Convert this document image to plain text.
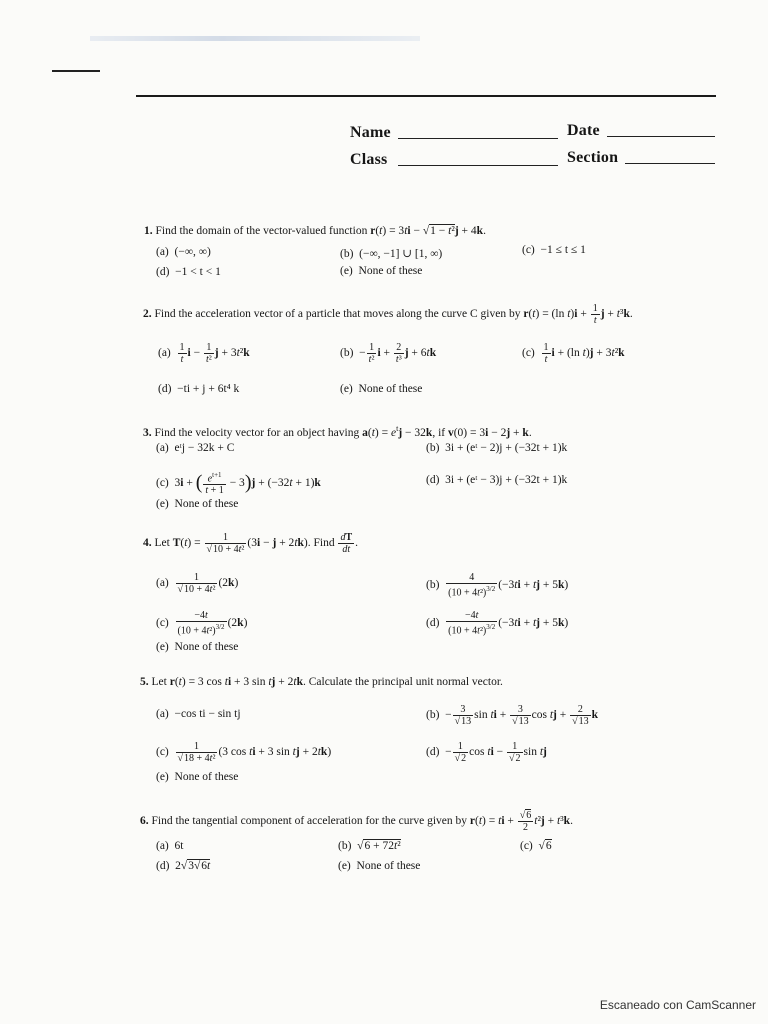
Name	Date
Class	Section
1. Find the domain of the vector-valued function r(t) = 3ti − √1 − t²j + 4k.
(a) (−∞, ∞)	(b) (−∞, −1] ∪ [1, ∞)	(c) −1 ≤ t ≤ 1
(d) −1 < t < 1	(e) None of these
2. Find the acceleration vector of a particle that moves along the curve C given by r(t) = (ln $t)i + \frac{1}{t}$ j + t³k.
$(a) \frac{1}{t}$ $i - \frac{1}{\text{t²}}$ j + 3t²k	$(b) - \frac{1}{\text{t²}}$ $i + \frac{2}{\text{t³}}$ j + 6tk	$(c) \frac{1}{t}$ i + (ln t)j + 3t²k
(d) −ti + j + 6t⁴ k	(e) None of these
3. Find the velocity vector for an object having $a(t) = e^tj - 32k$, if v(0) = 3i − 2j + k.
(a) eᵗj − 32k + C	(b) 3i + (eᵗ − 2)j + (−32t + 1)k
(c)  3i + ( $\frac{e^{t+1}}{t + 1} - 3)j + (-32t + 1)k$	(d) 3i + (eᵗ − 3)j + (−32t + 1)k
(e) None of these
4. Let $T(t) = \frac{1}{\text{√10 + 4t²}} (3i - j + 2tk)$. Find $\frac{dT}{dt}$ .
$(a) \frac{1}{\text{√10 + 4t²}} (2k)$	$(b) \frac{4}{(10 + 4t^2)^{3/2}} (-3ti$ + tj + 5k)
$(c) \frac{-4t}{(10 + 4t^2)^{3/2}} (2k)$	$(d) \frac{-4t}{(10 + 4t^2)^{3/2}} (-3ti$ + tj + 5k)
(e) None of these
5. Let r(t) = 3 cos ti + 3 sin tj + 2tk. Calculate the principal unit normal vector.
(a) −cos ti − sin tj	$(b) - \frac{3}{√13}$ sin ti + $\frac{3}{√13}$ cos tj + $\frac{2}{√13}$ k
$(c) \frac{1}{\text{√18 + 4t²}} (3$ cos ti + 3 sin tj + 2tk)	$(d) - \frac{1}{√2}$ cos ti − $\frac{1}{√2}$ sin tj
(e) None of these
6. Find the tangential component of acceleration for the curve given by r(t) = ti + $\frac{√6}{2} t^2j + t^3k$.
(a) 6t	(b)  √6 + 72t²	(c)  √6
(d)  2√3√6t	(e) None of these
Escaneado con CamScanner
